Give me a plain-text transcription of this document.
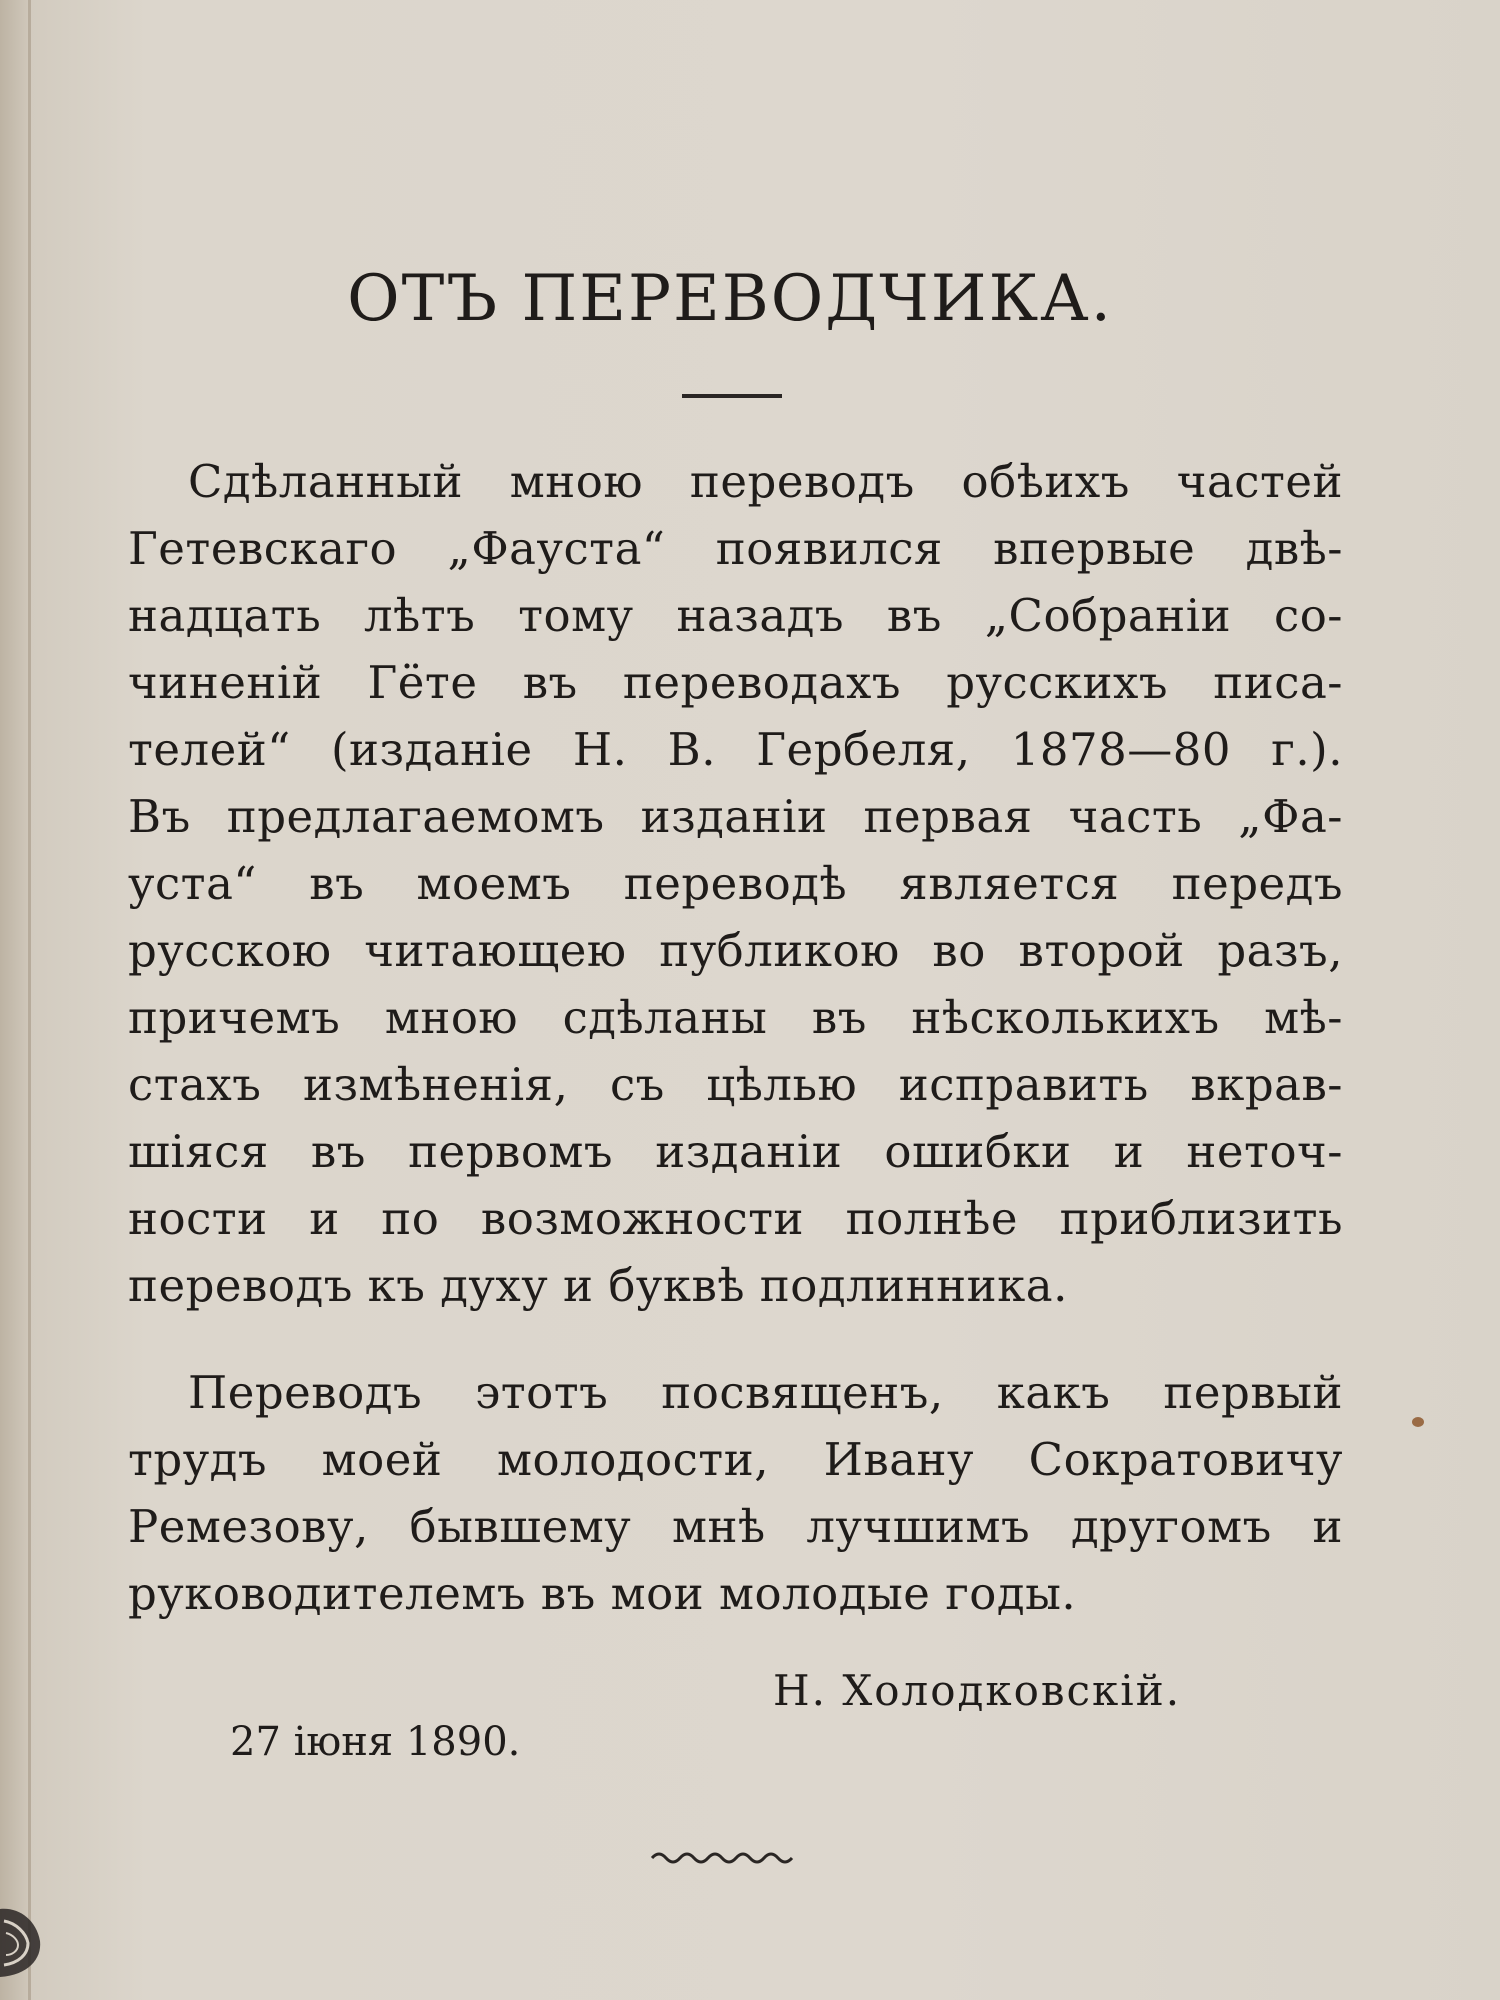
ОТЪ ПЕРЕВОДЧИКА.
Сдѣланный мною переводъ обѣихъ частей
Гетевскаго „Фауста“ появился впервые двѣ-
надцать лѣтъ тому назадъ въ „Собраніи со-
чиненій Гёте въ переводахъ русскихъ писа-
телей“ (изданіе Н. В. Гербеля, 1878—80 г.).
Въ предлагаемомъ изданіи первая часть „Фа-
уста“ въ моемъ переводѣ является передъ
русскою читающею публикою во второй разъ,
причемъ мною сдѣланы въ нѣсколькихъ мѣ-
стахъ измѣненія, съ цѣлью исправить вкрав-
шіяся въ первомъ изданіи ошибки и неточ-
ности и по возможности полнѣе приблизить
переводъ къ духу и буквѣ подлинника.
Переводъ этотъ посвященъ, какъ первый
трудъ моей молодости, Ивану Сократовичу
Ремезову, бывшему мнѣ лучшимъ другомъ и
руководителемъ въ мои молодые годы.
Н. Холодковскій.
27 іюня 1890.
